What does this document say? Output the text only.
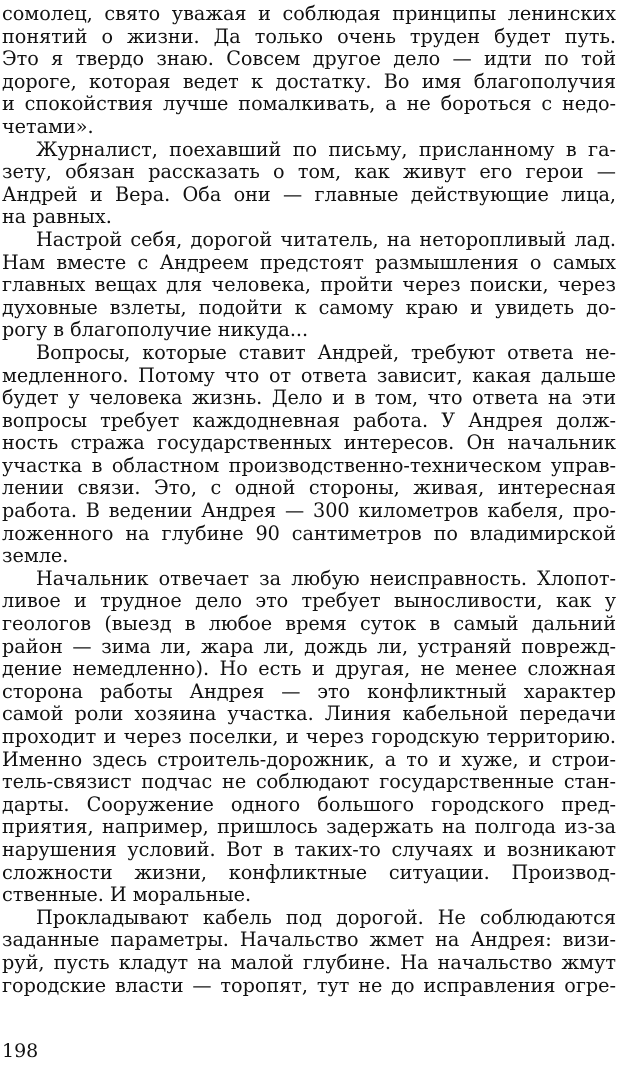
сомолец, свято уважая и соблюдая принципы ленинских
понятий о жизни. Да только очень труден будет путь.
Это я твердо знаю. Совсем другое дело — идти по той
дороге, которая ведет к достатку. Во имя благополучия
и спокойствия лучше помалкивать, а не бороться с недо-
четами».
Журналист, поехавший по письму, присланному в га-
зету, обязан рассказать о том, как живут его герои —
Андрей и Вера. Оба они — главные действующие лица,
на равных.
Настрой себя, дорогой читатель, на неторопливый лад.
Нам вместе с Андреем предстоят размышления о самых
главных вещах для человека, пройти через поиски, через
духовные взлеты, подойти к самому краю и увидеть до-
рогу в благополучие никуда...
Вопросы, которые ставит Андрей, требуют ответа не-
медленного. Потому что от ответа зависит, какая дальше
будет у человека жизнь. Дело и в том, что ответа на эти
вопросы требует каждодневная работа. У Андрея долж-
ность стража государственных интересов. Он начальник
участка в областном производственно-техническом управ-
лении связи. Это, с одной стороны, живая, интересная
работа. В ведении Андрея — 300 километров кабеля, про-
ложенного на глубине 90 сантиметров по владимирской
земле.
Начальник отвечает за любую неисправность. Хлопот-
ливое и трудное дело это требует выносливости, как у
геологов (выезд в любое время суток в самый дальний
район — зима ли, жара ли, дождь ли, устраняй поврежд-
дение немедленно). Но есть и другая, не менее сложная
сторона работы Андрея — это конфликтный характер
самой роли хозяина участка. Линия кабельной передачи
проходит и через поселки, и через городскую территорию.
Именно здесь строитель-дорожник, а то и хуже, и строи-
тель-связист подчас не соблюдают государственные стан-
дарты. Сооружение одного большого городского пред-
приятия, например, пришлось задержать на полгода из-за
нарушения условий. Вот в таких-то случаях и возникают
сложности жизни, конфликтные ситуации. Производ-
ственные. И моральные.
Прокладывают кабель под дорогой. Не соблюдаются
заданные параметры. Начальство жмет на Андрея: визи-
руй, пусть кладут на малой глубине. На начальство жмут
городские власти — торопят, тут не до исправления огре-
198
